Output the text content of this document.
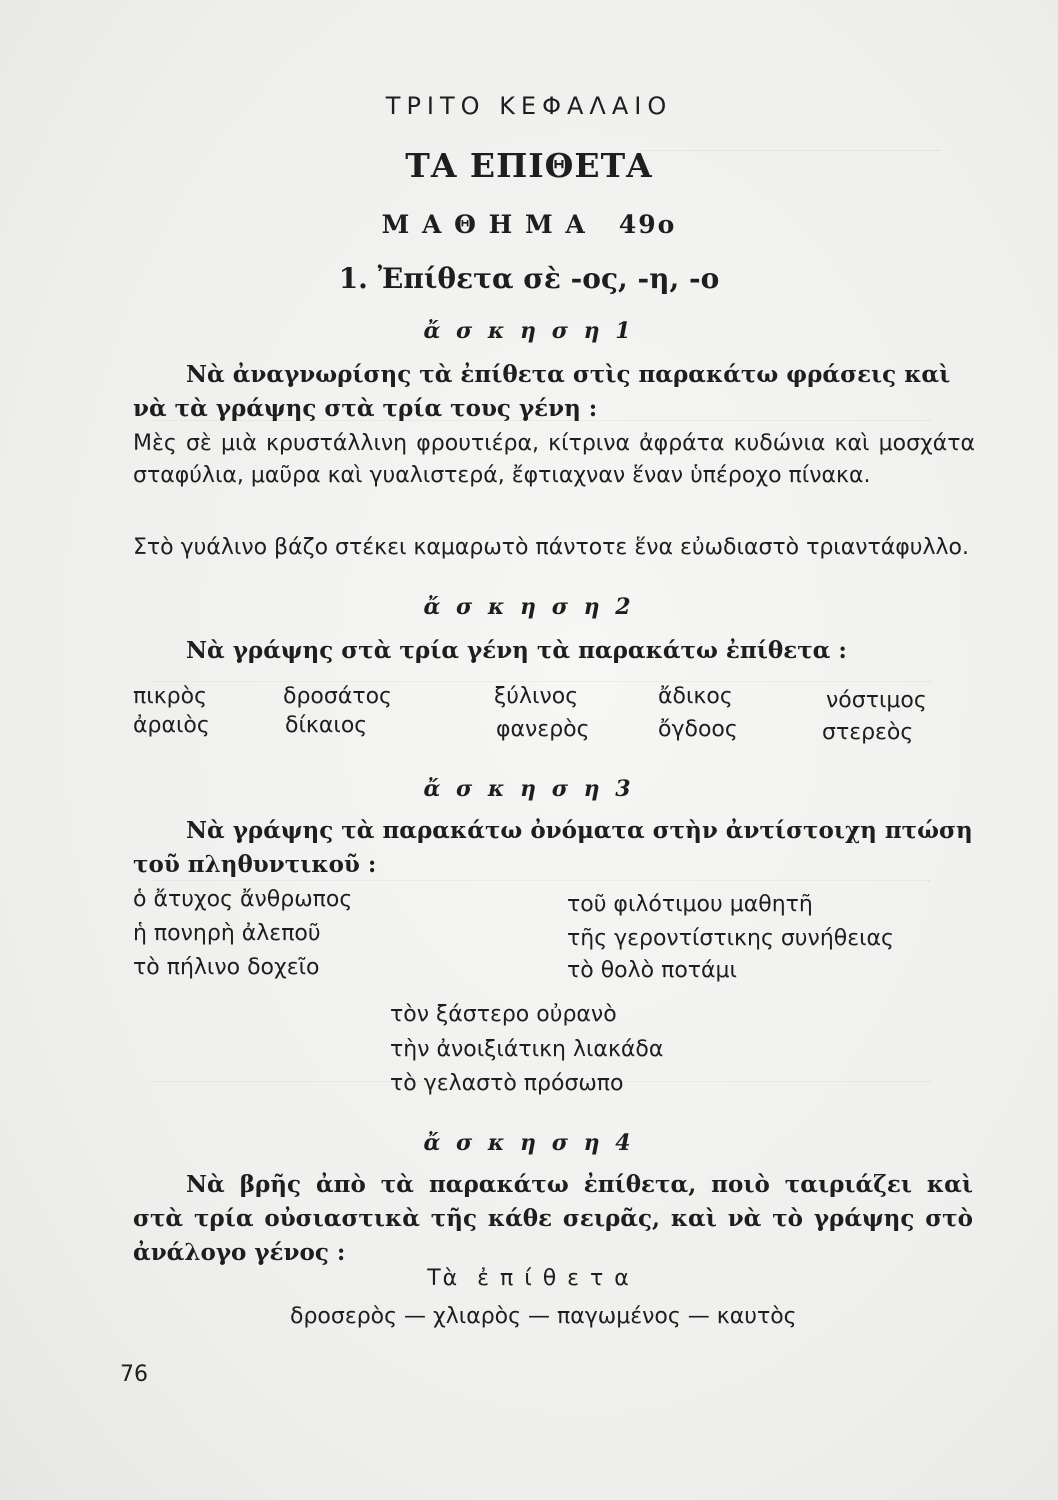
ΤΡΙΤΟ ΚΕΦΑΛΑΙΟ
ΤΑ ΕΠΙΘΕΤΑ
Μ Α Θ Η Μ Α   49ο
1. Ἐπίθετα σὲ -ος, -η, -ο
ἄ σ κ η σ η 1
Νὰ ἀναγνωρίσης τὰ ἐπίθετα στὶς παρακάτω φράσεις καὶ νὰ τὰ γράψης στὰ τρία τους γένη :
Μὲς σὲ μιὰ κρυστάλλινη φρουτιέρα, κίτρινα ἀφράτα κυδώνια καὶ μοσχάτα σταφύλια, μαῦρα καὶ γυαλιστερά, ἔφτιαχναν ἕναν ὑπέροχο πίνακα.
Στὸ γυάλινο βάζο στέκει καμαρωτὸ πάντοτε ἕνα εὐωδιαστὸ τριαντάφυλλο.
ἄ σ κ η σ η 2
Νὰ γράψης στὰ τρία γένη τὰ παρακάτω ἐπίθετα :
πικρὸς	δροσάτος	ξύλινος	ἄδικος	νόστιμος
ἀραιὸς	δίκαιος	φανερὸς	ὄγδοος	στερεὸς
ἄ σ κ η σ η 3
Νὰ γράψης τὰ παρακάτω ὀνόματα στὴν ἀντίστοιχη πτώση τοῦ πληθυντικοῦ :
ὁ ἄτυχος ἄνθρωπος
ἡ πονηρὴ ἀλεποῦ
τὸ πήλινο δοχεῖο
τοῦ φιλότιμου μαθητῆ
τῆς γεροντίστικης συνήθειας
τὸ θολὸ ποτάμι
τὸν ξάστερο οὐρανὸ
τὴν ἀνοιξιάτικη λιακάδα
τὸ γελαστὸ πρόσωπο
ἄ σ κ η σ η 4
Νὰ βρῆς ἀπὸ τὰ παρακάτω ἐπίθετα, ποιὸ ταιριάζει καὶ στὰ τρία οὐσιαστικὰ τῆς κάθε σειρᾶς, καὶ νὰ τὸ γράψης στὸ ἀνάλογο γένος :
Τὰ  ἐ π ί θ ε τ α
δροσερὸς — χλιαρὸς — παγωμένος — καυτὸς
76
